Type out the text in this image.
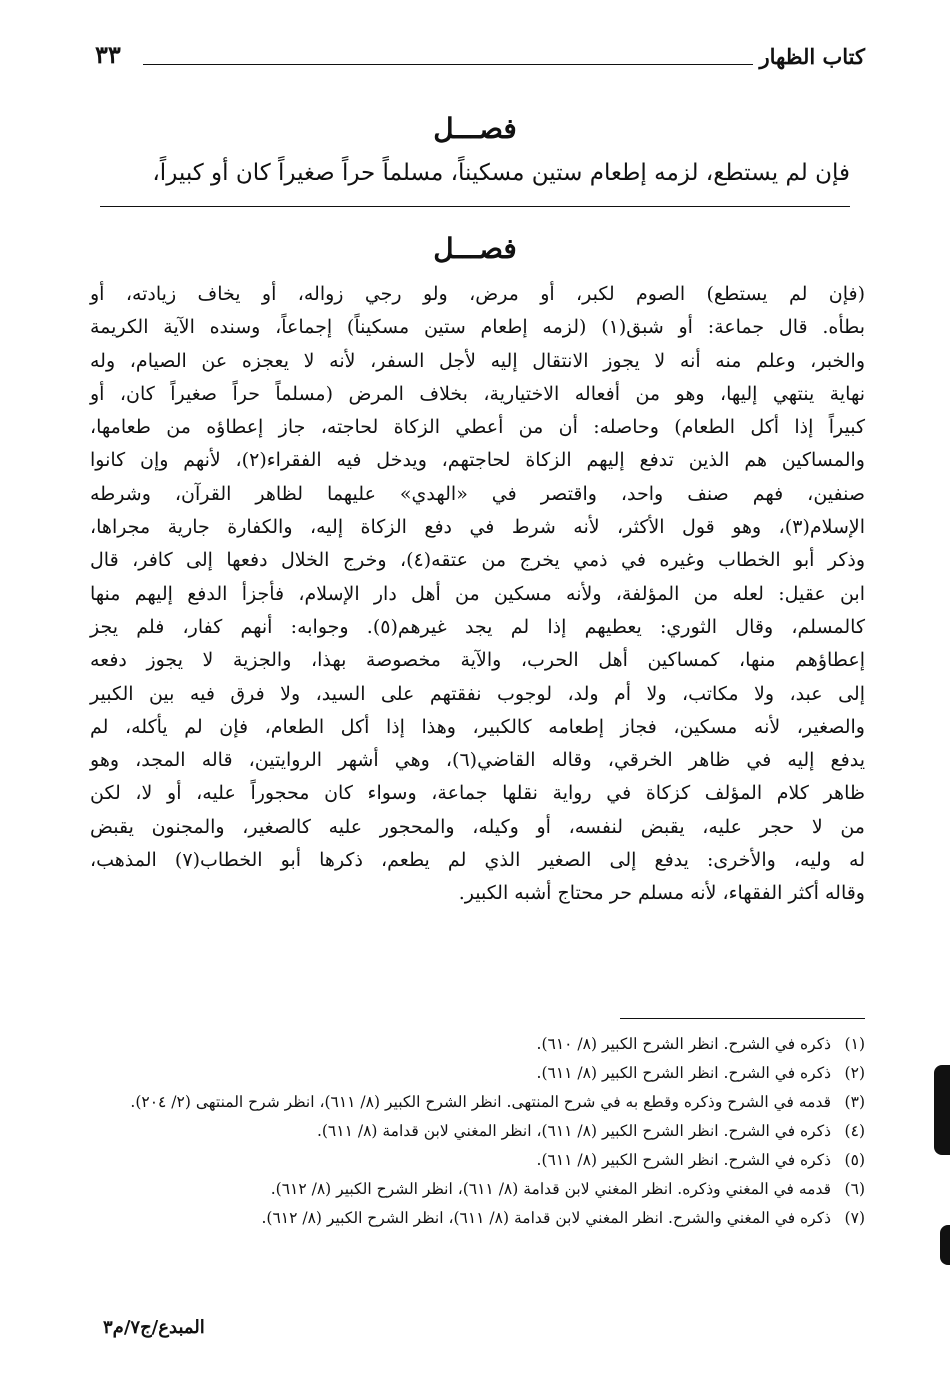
كتاب الظهار
٣٣
فصـــل
فإن لم يستطع، لزمه إطعام ستين مسكيناً، مسلماً حراً صغيراً كان أو كبيراً،
فصـــل
(فإن لم يستطع) الصوم لكبر، أو مرض، ولو رجي زواله، أو يخاف زيادته، أو
بطأه. قال جماعة: أو شبق(١) (لزمه إطعام ستين مسكيناً) إجماعاً، وسنده الآية الكريمة
والخبر، وعلم منه أنه لا يجوز الانتقال إليه لأجل السفر، لأنه لا يعجزه عن الصيام، وله
نهاية ينتهي إليها، وهو من أفعاله الاختيارية، بخلاف المرض (مسلماً حراً صغيراً كان، أو
كبيراً إذا أكل الطعام) وحاصله: أن من أعطي الزكاة لحاجته، جاز إعطاؤه من طعامها،
والمساكين هم الذين تدفع إليهم الزكاة لحاجتهم، ويدخل فيه الفقراء(٢)، لأنهم وإن كانوا
صنفين، فهم صنف واحد، واقتصر في «الهدي» عليهما لظاهر القرآن، وشرطه
الإسلام(٣)، وهو قول الأكثر، لأنه شرط في دفع الزكاة إليه، والكفارة جارية مجراها،
وذكر أبو الخطاب وغيره في ذمي يخرج من عتقه(٤)، وخرج الخلال دفعها إلى كافر، قال
ابن عقيل: لعله من المؤلفة، ولأنه مسكين من أهل دار الإسلام، فأجزأ الدفع إليهم منها
كالمسلم، وقال الثوري: يعطيهم إذا لم يجد غيرهم(٥). وجوابه: أنهم كفار، فلم يجز
إعطاؤهم منها، كمساكين أهل الحرب، والآية مخصوصة بهذا، والجزية لا يجوز دفعه
إلى عبد، ولا مكاتب، ولا أم ولد، لوجوب نفقتهم على السيد، ولا فرق فيه بين الكبير
والصغير، لأنه مسكين، فجاز إطعامه كالكبير، وهذا إذا أكل الطعام، فإن لم يأكله، لم
يدفع إليه في ظاهر الخرقي، وقاله القاضي(٦)، وهي أشهر الروايتين، قاله المجد، وهو
ظاهر كلام المؤلف كزكاة في رواية نقلها جماعة، وسواء كان محجوراً عليه، أو لا، لكن
من لا حجر عليه، يقبض لنفسه، أو وكيله، والمحجور عليه كالصغير، والمجنون يقبض
له وليه، والأخرى: يدفع إلى الصغير الذي لم يطعم، ذكرها أبو الخطاب(٧) المذهب،
وقاله أكثر الفقهاء، لأنه مسلم حر محتاج أشبه الكبير.
(١)ذكره في الشرح. انظر الشرح الكبير (٨/ ٦١٠).
(٢)ذكره في الشرح. انظر الشرح الكبير (٨/ ٦١١).
(٣)قدمه في الشرح وذكره وقطع به في شرح المنتهى. انظر الشرح الكبير (٨/ ٦١١)، انظر شرح المنتهى (٢/ ٢٠٤).
(٤)ذكره في الشرح. انظر الشرح الكبير (٨/ ٦١١)، انظر المغني لابن قدامة (٨/ ٦١١).
(٥)ذكره في الشرح. انظر الشرح الكبير (٨/ ٦١١).
(٦)قدمه في المغني وذكره. انظر المغني لابن قدامة (٨/ ٦١١)، انظر الشرح الكبير (٨/ ٦١٢).
(٧)ذكره في المغني والشرح. انظر المغني لابن قدامة (٨/ ٦١١)، انظر الشرح الكبير (٨/ ٦١٢).
المبدع/ج٧/م٣
